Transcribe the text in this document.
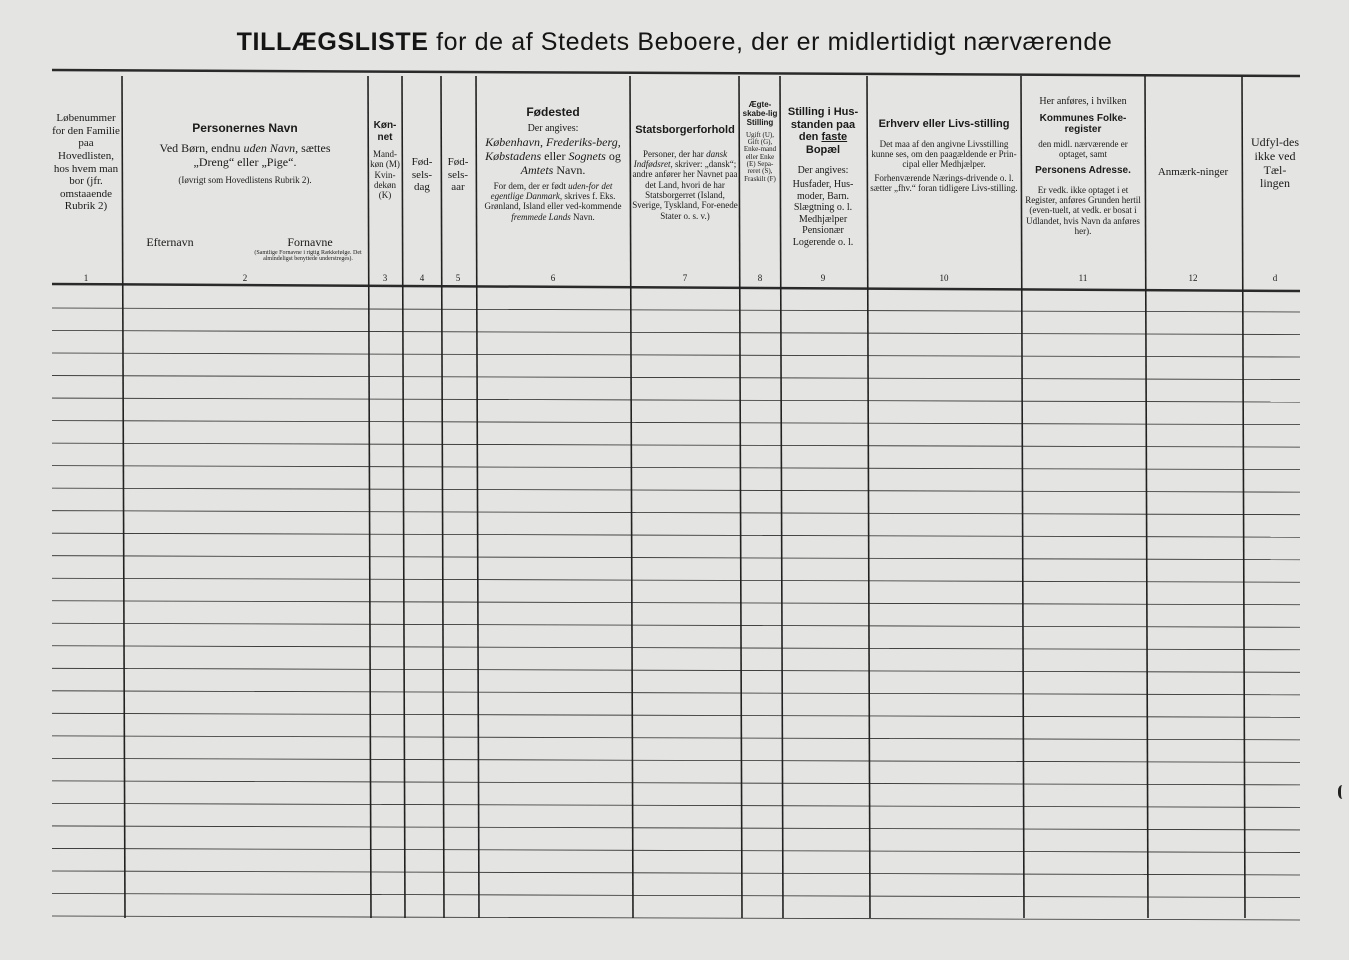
TILLÆGSLISTE for de af Stedets Beboere, der er midlertidigt nærværende
Løbenummer for den Familie paa Hovedlisten, hos hvem man bor (jfr. omstaaende Rubrik 2)
Personernes Navn
Ved Børn, endnu uden Navn, sættes
„Dreng“ eller „Pige“.
(Iøvrigt som Hovedlistens Rubrik 2).
Efternavn	Fornavne
(Samtlige Fornavne i rigtig Rækkefølge. Det almindeligst benyttede understreges).
Køn-net
Mand-køn (M) Kvin-dekøn (K)
Fød-sels-dag
Fød-sels-aar
Fødested
Der angives:
København, Frederiks-berg, Købstadens eller Sognets og Amtets Navn.
For dem, der er født uden-for det egentlige Danmark, skrives f. Eks. Grønland, Island eller ved-kommende fremmede Lands Navn.
Statsborgerforhold
Personer, der har dansk Indfødsret, skriver: „dansk“; andre anfører her Navnet paa det Land, hvori de har Statsborgerret (Island, Sverige, Tyskland, For-enede Stater o. s. v.)
Ægte-skabe-lig Stilling
Ugift (U), Gift (G), Enke-mand eller Enke (E) Sepa-reret (S), Fraskilt (F)
Stilling i Hus-standen paa den faste Bopæl
Der angives:
Husfader, Hus-moder, Barn. Slægtning o. l. Medhjælper Pensionær Logerende o. l.
Erhverv eller Livs-stilling
Det maa af den angivne Livsstilling kunne ses, om den paagældende er Prin-cipal eller Medhjælper.
Forhenværende Nærings-drivende o. l. sætter „fhv.“ foran tidligere Livs-stilling.
Her anføres, i hvilken
Kommunes Folke-register
den midl. nærværende er optaget, samt
Personens Adresse.
Er vedk. ikke optaget i et Register, anføres Grunden hertil (even-tuelt, at vedk. er bosat i Udlandet, hvis Navn da anføres her).
Anmærk-ninger
Udfyl-des ikke ved Tæl-lingen
1	2	3	4	5	6	7	8	9	10	11	12	d
